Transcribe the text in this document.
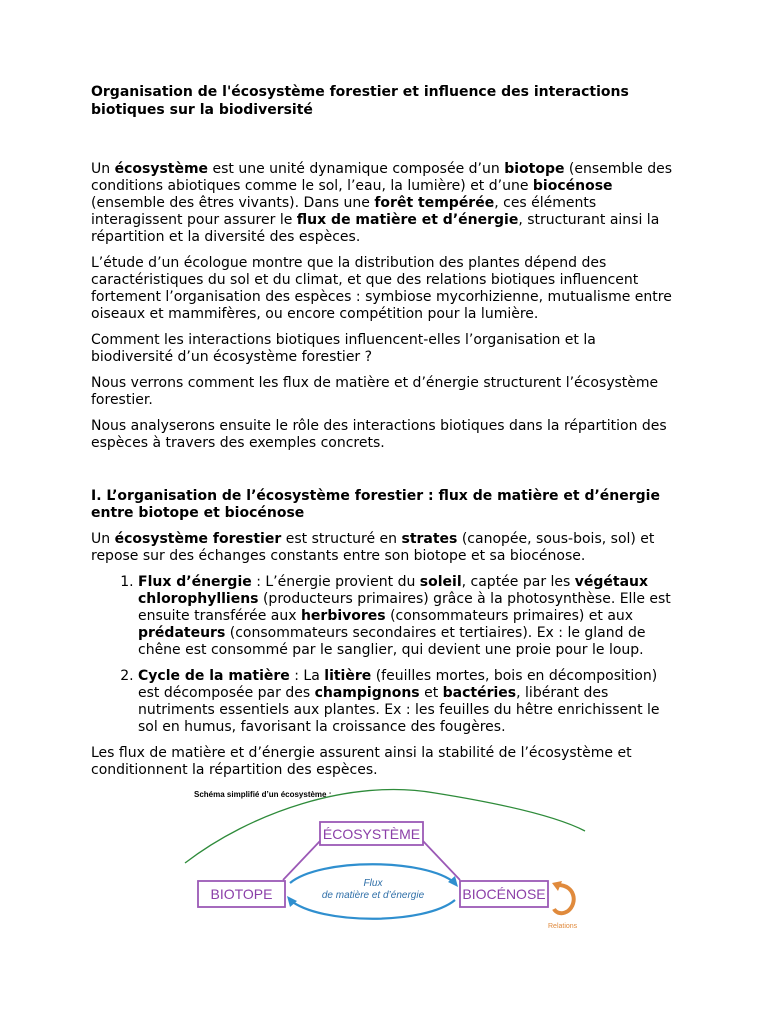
Organisation de l'écosystème forestier et influence des interactions biotiques sur la biodiversité

Un écosystème est une unité dynamique composée d’un biotope (ensemble des conditions abiotiques comme le sol, l’eau, la lumière) et d’une biocénose (ensemble des êtres vivants). Dans une forêt tempérée, ces éléments interagissent pour assurer le flux de matière et d’énergie, structurant ainsi la répartition et la diversité des espèces.

L’étude d’un écologue montre que la distribution des plantes dépend des caractéristiques du sol et du climat, et que des relations biotiques influencent fortement l’organisation des espèces : symbiose mycorhizienne, mutualisme entre oiseaux et mammifères, ou encore compétition pour la lumière.

Comment les interactions biotiques influencent-elles l’organisation et la biodiversité d’un écosystème forestier ?

Nous verrons comment les flux de matière et d’énergie structurent l’écosystème forestier.

Nous analyserons ensuite le rôle des interactions biotiques dans la répartition des espèces à travers des exemples concrets.

I. L’organisation de l’écosystème forestier : flux de matière et d’énergie entre biotope et biocénose

Un écosystème forestier est structuré en strates (canopée, sous-bois, sol) et repose sur des échanges constants entre son biotope et sa biocénose.

1. Flux d’énergie : L’énergie provient du soleil, captée par les végétaux chlorophylliens (producteurs primaires) grâce à la photosynthèse. Elle est ensuite transférée aux herbivores (consommateurs primaires) et aux prédateurs (consommateurs secondaires et tertiaires). Ex : le gland de chêne est consommé par le sanglier, qui devient une proie pour le loup.
2. Cycle de la matière : La litière (feuilles mortes, bois en décomposition) est décomposée par des champignons et bactéries, libérant des nutriments essentiels aux plantes. Ex : les feuilles du hêtre enrichissent le sol en humus, favorisant la croissance des fougères.

Les flux de matière et d’énergie assurent ainsi la stabilité de l’écosystème et conditionnent la répartition des espèces.

Schéma simplifié d’un écosystème :
ÉCOSYSTÈME
BIOTOPE	BIOCÉNOSE
Flux
de matière et d’énergie
Relations
